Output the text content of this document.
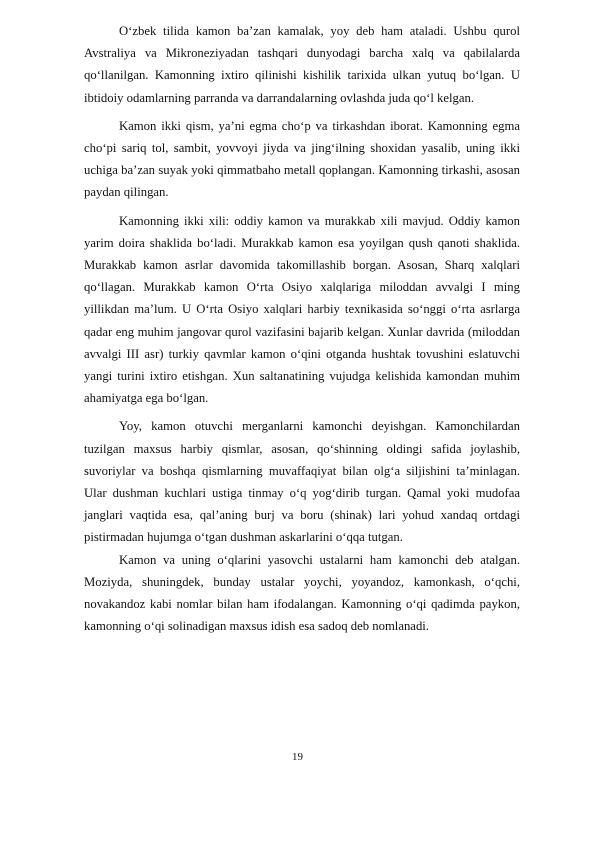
O‘zbek tilida kamon ba’zan kamalak, yoy deb ham ataladi. Ushbu qurol Avstraliya va Mikroneziyadan tashqari dunyodagi barcha xalq va qabilalarda qo‘llanilgan. Kamonning ixtiro qilinishi kishilik tarixida ulkan yutuq bo‘lgan. U ibtidoiy odamlarning parranda va darrandalarning ovlashda juda qo‘l kelgan.

Kamon ikki qism, ya’ni egma cho‘p va tirkashdan iborat. Kamonning egma cho‘pi sariq tol, sambit, yovvoyi jiyda va jing‘ilning shoxidan yasalib, uning ikki uchiga ba’zan suyak yoki qimmatbaho metall qoplangan. Kamonning tirkashi, asosan paydan qilingan.

Kamonning ikki xili: oddiy kamon va murakkab xili mavjud. Oddiy kamon yarim doira shaklida bo‘ladi. Murakkab kamon esa yoyilgan qush qanoti shaklida. Murakkab kamon asrlar davomida takomillashib borgan. Asosan, Sharq xalqlari qo‘llagan. Murakkab kamon O‘rta Osiyo xalqlariga miloddan avvalgi I ming yillikdan ma’lum. U O‘rta Osiyo xalqlari harbiy texnikasida so‘nggi o‘rta asrlarga qadar eng muhim jangovar qurol vazifasini bajarib kelgan. Xunlar davrida (miloddan avvalgi III asr) turkiy qavmlar kamon o‘qini otganda hushtak tovushini eslatuvchi yangi turini ixtiro etishgan. Xun saltanatining vujudga kelishida kamondan muhim ahamiyatga ega bo‘lgan.

Yoy, kamon otuvchi merganlarni kamonchi deyishgan. Kamonchilardan tuzilgan maxsus harbiy qismlar, asosan, qo‘shinning oldingi safida joylashib, suvoriylar va boshqa qismlarning muvaffaqiyat bilan olg‘a siljishini ta’minlagan. Ular dushman kuchlari ustiga tinmay o‘q yog‘dirib turgan. Qamal yoki mudofaa janglari vaqtida esa, qal’aning burj va boru (shinak) lari yohud xandaq ortdagi pistirmadan hujumga o‘tgan dushman askarlarini o‘qqa tutgan.

Kamon va uning o‘qlarini yasovchi ustalarni ham kamonchi deb atalgan. Moziyda, shuningdek, bunday ustalar yoychi, yoyandoz, kamonkash, o‘qchi, novakandoz kabi nomlar bilan ham ifodalangan. Kamonning o‘qi qadimda paykon, kamonning o‘qi solinadigan maxsus idish esa sadoq deb nomlanadi.

19
